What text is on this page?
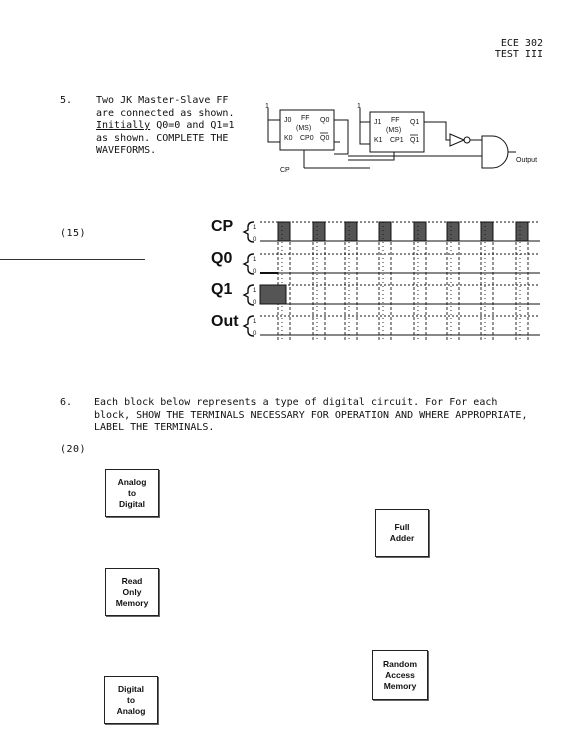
ECE 302
TEST III
5. Two JK Master-Slave FF are connected as shown. Initially Q0=0 and Q1=1 as shown. COMPLETE THE WAVEFORMS.
(15)
J0 FF Q0
(MS)
K0 CP0 Q0
J1 FF Q1
(MS)
K1 CP1 Q1
1	1
CP
Output
CP
Q0
Q1
Out
1
0
1
0
1
0
1
0
6. Each block below represents a type of digital circuit. For For each block, SHOW THE TERMINALS NECESSARY FOR OPERATION AND WHERE APPROPRIATE, LABEL THE TERMINALS.
(20)
Analog
to
Digital
Full
Adder
Read
Only
Memory
Random
Access
Memory
Digital
to
Analog
